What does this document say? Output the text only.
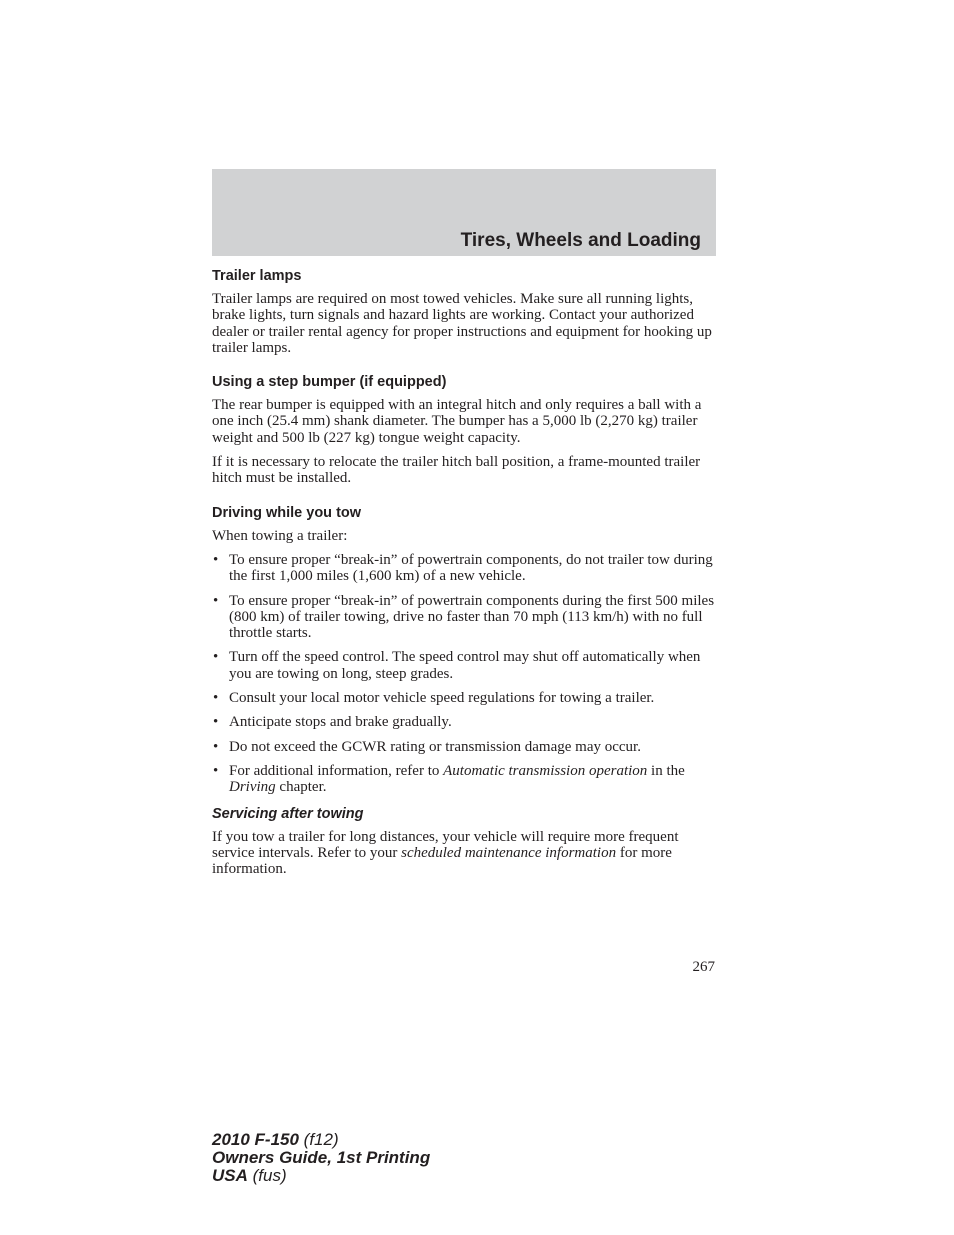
Tires, Wheels and Loading
Trailer lamps

Trailer lamps are required on most towed vehicles. Make sure all running lights, brake lights, turn signals and hazard lights are working. Contact your authorized dealer or trailer rental agency for proper instructions and equipment for hooking up trailer lamps.

Using a step bumper (if equipped)

The rear bumper is equipped with an integral hitch and only requires a ball with a one inch (25.4 mm) shank diameter. The bumper has a 5,000 lb (2,270 kg) trailer weight and 500 lb (227 kg) tongue weight capacity.

If it is necessary to relocate the trailer hitch ball position, a frame-mounted trailer hitch must be installed.

Driving while you tow

When towing a trailer:

• To ensure proper “break-in” of powertrain components, do not trailer tow during the first 1,000 miles (1,600 km) of a new vehicle.
• To ensure proper “break-in” of powertrain components during the first 500 miles (800 km) of trailer towing, drive no faster than 70 mph (113 km/h) with no full throttle starts.
• Turn off the speed control. The speed control may shut off automatically when you are towing on long, steep grades.
• Consult your local motor vehicle speed regulations for towing a trailer.
• Anticipate stops and brake gradually.
• Do not exceed the GCWR rating or transmission damage may occur.
• For additional information, refer to Automatic transmission operation in the Driving chapter.
Servicing after towing

If you tow a trailer for long distances, your vehicle will require more frequent service intervals. Refer to your scheduled maintenance information for more information.

267
2010 F-150 (f12)
Owners Guide, 1st Printing
USA (fus)
